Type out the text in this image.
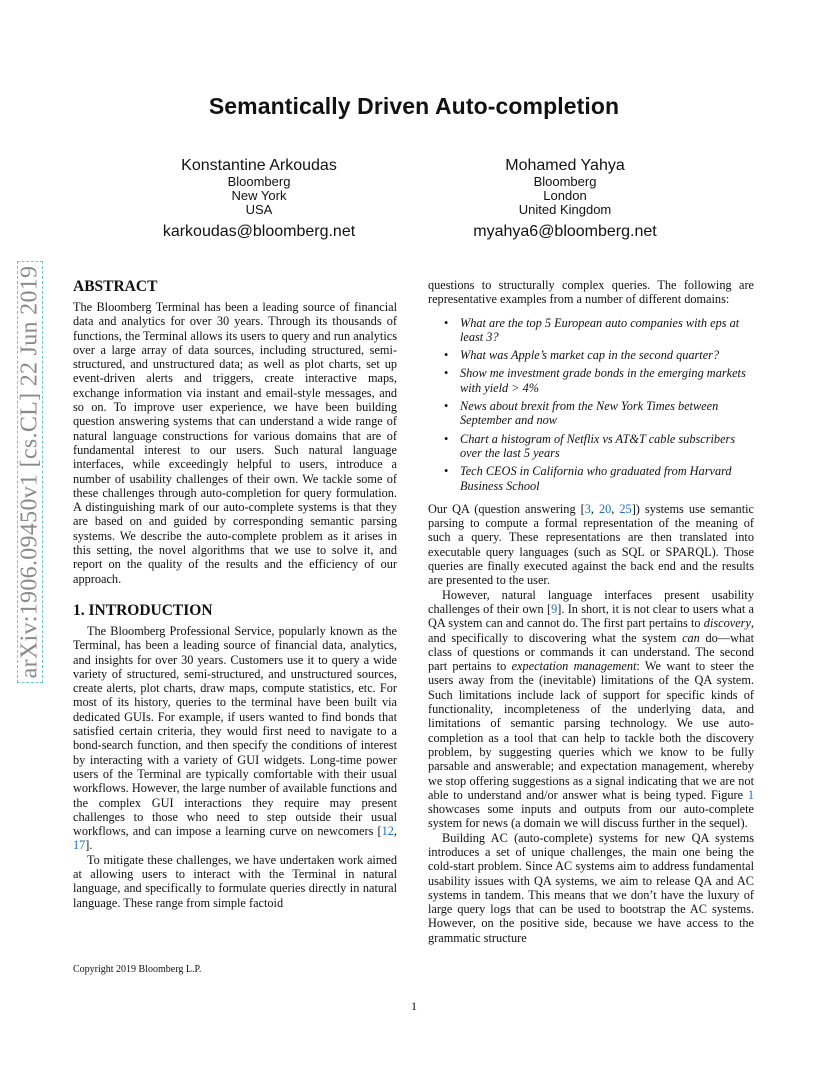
Semantically Driven Auto-completion
Konstantine Arkoudas
Bloomberg
New York
USA
karkoudas@bloomberg.net
Mohamed Yahya
Bloomberg
London
United Kingdom
myahya6@bloomberg.net
arXiv:1906.09450v1 [cs.CL] 22 Jun 2019 ABSTRACT

The Bloomberg Terminal has been a leading source of financial data and analytics for over 30 years. Through its thousands of functions, the Terminal allows its users to query and run analytics over a large array of data sources, including structured, semi-structured, and unstructured data; as well as plot charts, set up event-driven alerts and triggers, create interactive maps, exchange information via instant and email-style messages, and so on. To improve user experience, we have been building question answering systems that can understand a wide range of natural language constructions for various domains that are of fundamental interest to our users. Such natural language interfaces, while exceedingly helpful to users, introduce a number of usability challenges of their own. We tackle some of these challenges through auto-completion for query formulation. A distinguishing mark of our auto-complete systems is that they are based on and guided by corresponding semantic parsing systems. We describe the auto-complete problem as it arises in this setting, the novel algorithms that we use to solve it, and report on the quality of the results and the efficiency of our approach.

1. INTRODUCTION

The Bloomberg Professional Service, popularly known as the Terminal, has been a leading source of financial data, analytics, and insights for over 30 years. Customers use it to query a wide variety of structured, semi-structured, and unstructured sources, create alerts, plot charts, draw maps, compute statistics, etc. For most of its history, queries to the terminal have been built via dedicated GUIs. For example, if users wanted to find bonds that satisfied certain criteria, they would first need to navigate to a bond-search function, and then specify the conditions of interest by interacting with a variety of GUI widgets. Long-time power users of the Terminal are typically comfortable with their usual workflows. However, the large number of available functions and the complex GUI interactions they require may present challenges to those who need to step outside their usual workflows, and can impose a learning curve on newcomers [12, 17].

To mitigate these challenges, we have undertaken work aimed at allowing users to interact with the Terminal in natural language, and specifically to formulate queries directly in natural language. These range from simple factoid

questions to structurally complex queries. The following are representative examples from a number of different domains:

• What are the top 5 European auto companies with eps at least 3?
• What was Apple’s market cap in the second quarter?
• Show me investment grade bonds in the emerging markets with yield > 4%
• News about brexit from the New York Times between September and now
• Chart a histogram of Netflix vs AT&T cable subscribers over the last 5 years
• Tech CEOS in California who graduated from Harvard Business School

Our QA (question answering [3, 20, 25]) systems use semantic parsing to compute a formal representation of the meaning of such a query. These representations are then translated into executable query languages (such as SQL or SPARQL). Those queries are finally executed against the back end and the results are presented to the user.

However, natural language interfaces present usability challenges of their own [9]. In short, it is not clear to users what a QA system can and cannot do. The first part pertains to discovery, and specifically to discovering what the system can do—what class of questions or commands it can understand. The second part pertains to expectation management: We want to steer the users away from the (inevitable) limitations of the QA system. Such limitations include lack of support for specific kinds of functionality, incompleteness of the underlying data, and limitations of semantic parsing technology. We use auto-completion as a tool that can help to tackle both the discovery problem, by suggesting queries which we know to be fully parsable and answerable; and expectation management, whereby we stop offering suggestions as a signal indicating that we are not able to understand and/or answer what is being typed. Figure 1 showcases some inputs and outputs from our auto-complete system for news (a domain we will discuss further in the sequel).

Building AC (auto-complete) systems for new QA systems introduces a set of unique challenges, the main one being the cold-start problem. Since AC systems aim to address fundamental usability issues with QA systems, we aim to release QA and AC systems in tandem. This means that we don’t have the luxury of large query logs that can be used to bootstrap the AC systems. However, on the positive side, because we have access to the grammatic structure

Copyright 2019 Bloomberg L.P.
1
